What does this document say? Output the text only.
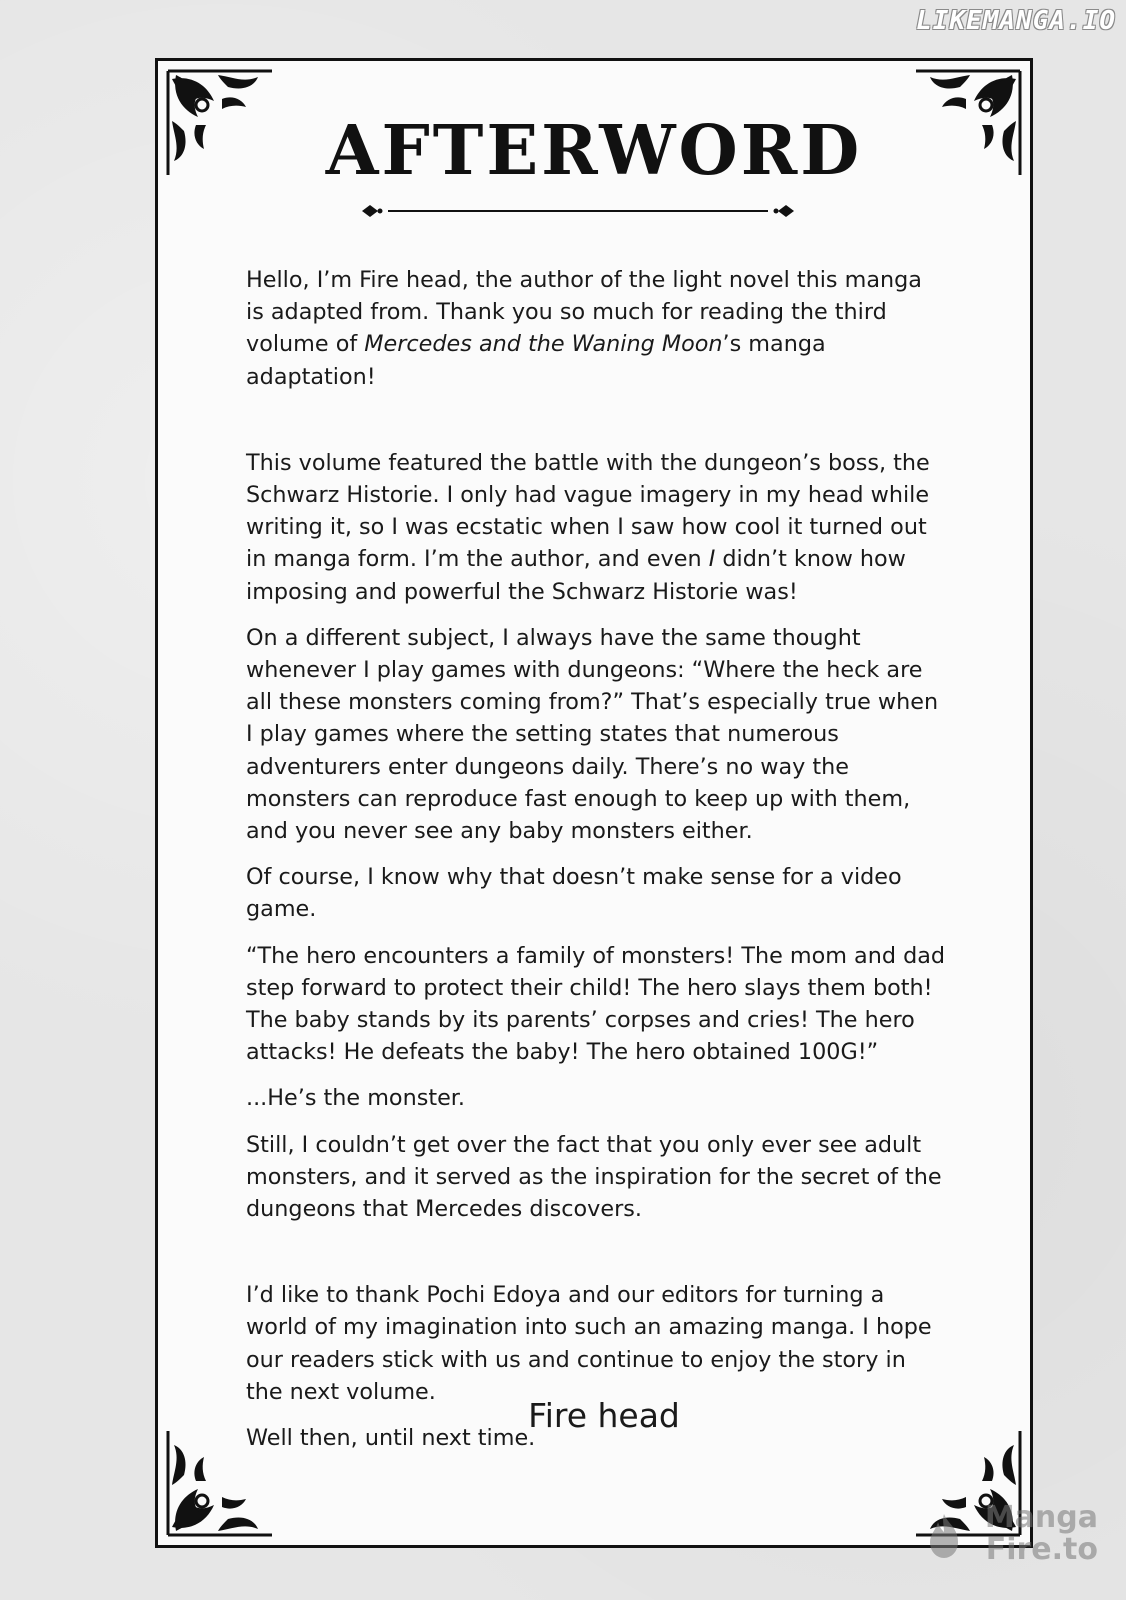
LIKEMANGA.IO
AFTERWORD

Hello, I’m Fire head, the author of the light novel this manga is adapted from. Thank you so much for reading the third volume of Mercedes and the Waning Moon’s manga adaptation!

This volume featured the battle with the dungeon’s boss, the Schwarz Historie. I only had vague imagery in my head while writing it, so I was ecstatic when I saw how cool it turned out in manga form. I’m the author, and even I didn’t know how imposing and powerful the Schwarz Historie was!

On a different subject, I always have the same thought whenever I play games with dungeons: “Where the heck are all these monsters coming from?” That’s especially true when I play games where the setting states that numerous adventurers enter dungeons daily. There’s no way the monsters can reproduce fast enough to keep up with them, and you never see any baby monsters either.

Of course, I know why that doesn’t make sense for a video game.

“The hero encounters a family of monsters! The mom and dad step forward to protect their child! The hero slays them both! The baby stands by its parents’ corpses and cries! The hero attacks! He defeats the baby! The hero obtained 100G!”

...He’s the monster.

Still, I couldn’t get over the fact that you only ever see adult monsters, and it served as the inspiration for the secret of the dungeons that Mercedes discovers.

I’d like to thank Pochi Edoya and our editors for turning a world of my imagination into such an amazing manga. I hope our readers stick with us and continue to enjoy the story in the next volume.

Well then, until next time.

Fire head
Manga
Fire.to
